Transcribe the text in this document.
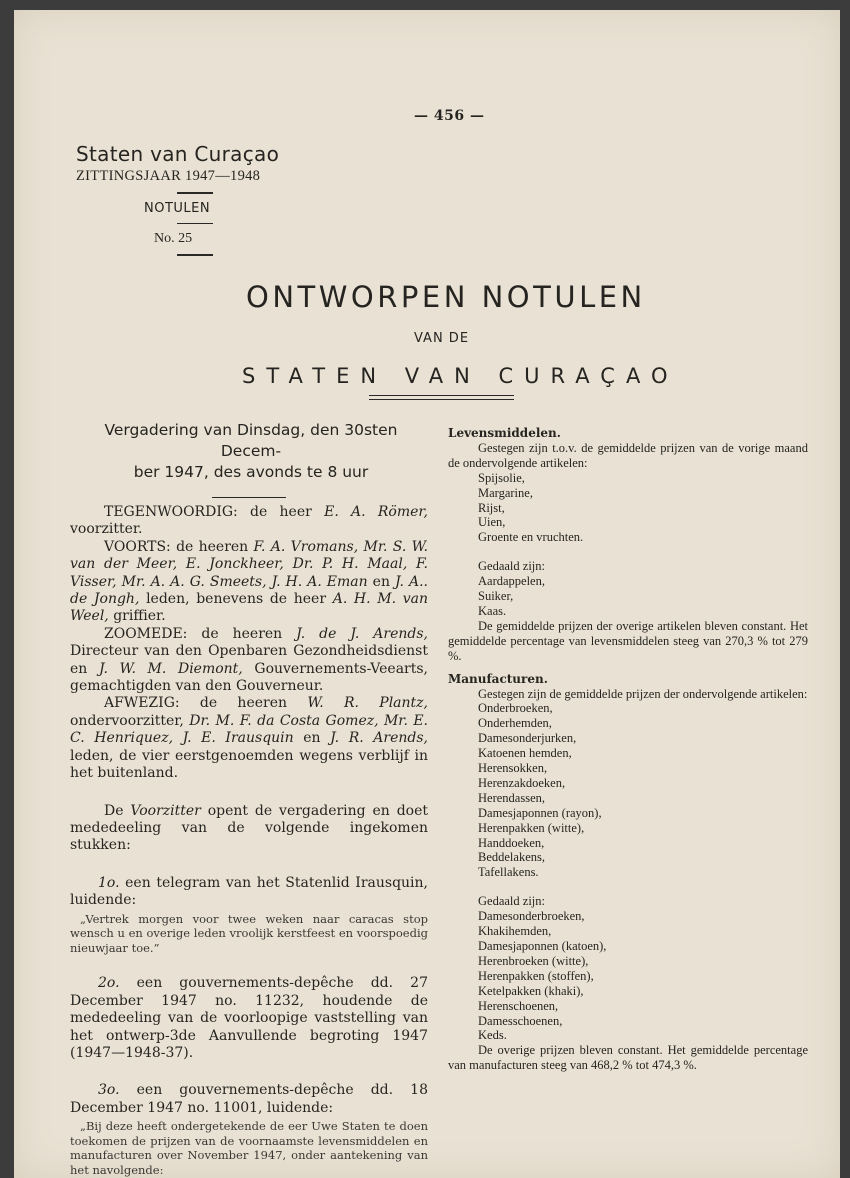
— 456 —
Staten van Curaçao
ZITTINGSJAAR 1947—1948
NOTULEN
No. 25
ONTWORPEN NOTULEN
VAN DE
STATEN VAN CURAÇAO
Vergadering van Dinsdag, den 30sten Decem-
ber 1947, des avonds te 8 uur

TEGENWOORDIG: de heer E. A. Römer, voorzitter.

VOORTS: de heeren F. A. Vromans, Mr. S. W. van der Meer, E. Jonckheer, Dr. P. H. Maal, F. Visser, Mr. A. A. G. Smeets, J. H. A. Eman en J. A.. de Jongh, leden, benevens de heer A. H. M. van Weel, griffier.

ZOOMEDE: de heeren J. de J. Arends, Directeur van den Openbaren Gezondheidsdienst en J. W. M. Diemont, Gouvernements-Veearts, gemachtigden van den Gouverneur.

AFWEZIG: de heeren W. R. Plantz, ondervoorzitter, Dr. M. F. da Costa Gomez, Mr. E. C. Henriquez, J. E. Irausquin en J. R. Arends, leden, de vier eerstgenoemden wegens verblijf in het buitenland.

De Voorzitter opent de vergadering en doet mededeeling van de volgende ingekomen stukken:

1o. een telegram van het Statenlid Irausquin, luidende:

„Vertrek morgen voor twee weken naar caracas stop wensch u en overige leden vroolijk kerstfeest en voorspoedig nieuwjaar toe.”

2o. een gouvernements-depêche dd. 27 December 1947 no. 11232, houdende de mededeeling van de voorloopige vaststelling van het ontwerp-3de Aanvullende begroting 1947 (1947—1948-37).

3o. een gouvernements-depêche dd. 18 December 1947 no. 11001, luidende:

„Bij deze heeft ondergetekende de eer Uwe Staten te doen toekomen de prijzen van de voornaamste levensmiddelen en manufacturen over November 1947, onder aantekening van het navolgende:

Levensmiddelen.

Gestegen zijn t.o.v. de gemiddelde prijzen van de vorige maand de ondervolgende artikelen:

Spijsolie,

Margarine,

Rijst,

Uien,

Groente en vruchten.

Gedaald zijn:

Aardappelen,

Suiker,

Kaas.

De gemiddelde prijzen der overige artikelen bleven constant. Het gemiddelde percentage van levensmiddelen steeg van 270,3 % tot 279 %.

Manufacturen.

Gestegen zijn de gemiddelde prijzen der ondervolgende artikelen:

Onderbroeken,

Onderhemden,

Damesonderjurken,

Katoenen hemden,

Herensokken,

Herenzakdoeken,

Herendassen,

Damesjaponnen (rayon),

Herenpakken (witte),

Handdoeken,

Beddelakens,

Tafellakens.

Gedaald zijn:

Damesonderbroeken,

Khakihemden,

Damesjaponnen (katoen),

Herenbroeken (witte),

Herenpakken (stoffen),

Ketelpakken (khaki),

Herenschoenen,

Damesschoenen,

Keds.

De overige prijzen bleven constant. Het gemiddelde percentage van manufacturen steeg van 468,2 % tot 474,3 %.
